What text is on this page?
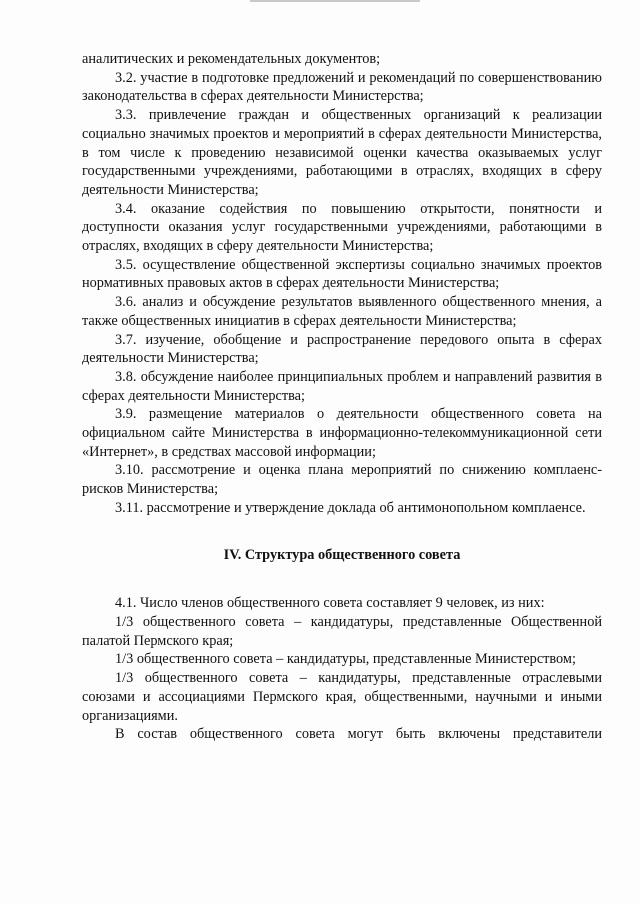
аналитических и рекомендательных документов;

3.2. участие в подготовке предложений и рекомендаций по совершенствованию законодательства в сферах деятельности Министерства;

3.3. привлечение граждан и общественных организаций к реализации социально значимых проектов и мероприятий в сферах деятельности Министерства, в том числе к проведению независимой оценки качества оказываемых услуг государственными учреждениями, работающими в отраслях, входящих в сферу деятельности Министерства;

3.4. оказание содействия по повышению открытости, понятности и доступности оказания услуг государственными учреждениями, работающими в отраслях, входящих в сферу деятельности Министерства;

3.5. осуществление общественной экспертизы социально значимых проектов нормативных правовых актов в сферах деятельности Министерства;

3.6. анализ и обсуждение результатов выявленного общественного мнения, а также общественных инициатив в сферах деятельности Министерства;

3.7. изучение, обобщение и распространение передового опыта в сферах деятельности Министерства;

3.8. обсуждение наиболее принципиальных проблем и направлений развития в сферах деятельности Министерства;

3.9. размещение материалов о деятельности общественного совета на официальном сайте Министерства в информационно-телекоммуникационной сети «Интернет», в средствах массовой информации;

3.10. рассмотрение и оценка плана мероприятий по снижению комплаенс-рисков Министерства;

3.11. рассмотрение и утверждение доклада об антимонопольном комплаенсе.

IV. Структура общественного совета

4.1. Число членов общественного совета составляет 9 человек, из них:

1/3 общественного совета – кандидатуры, представленные Общественной палатой Пермского края;

1/3 общественного совета – кандидатуры, представленные Министерством;

1/3 общественного совета – кандидатуры, представленные отраслевыми союзами и ассоциациями Пермского края, общественными, научными и иными организациями.

В состав общественного совета могут быть включены представители
